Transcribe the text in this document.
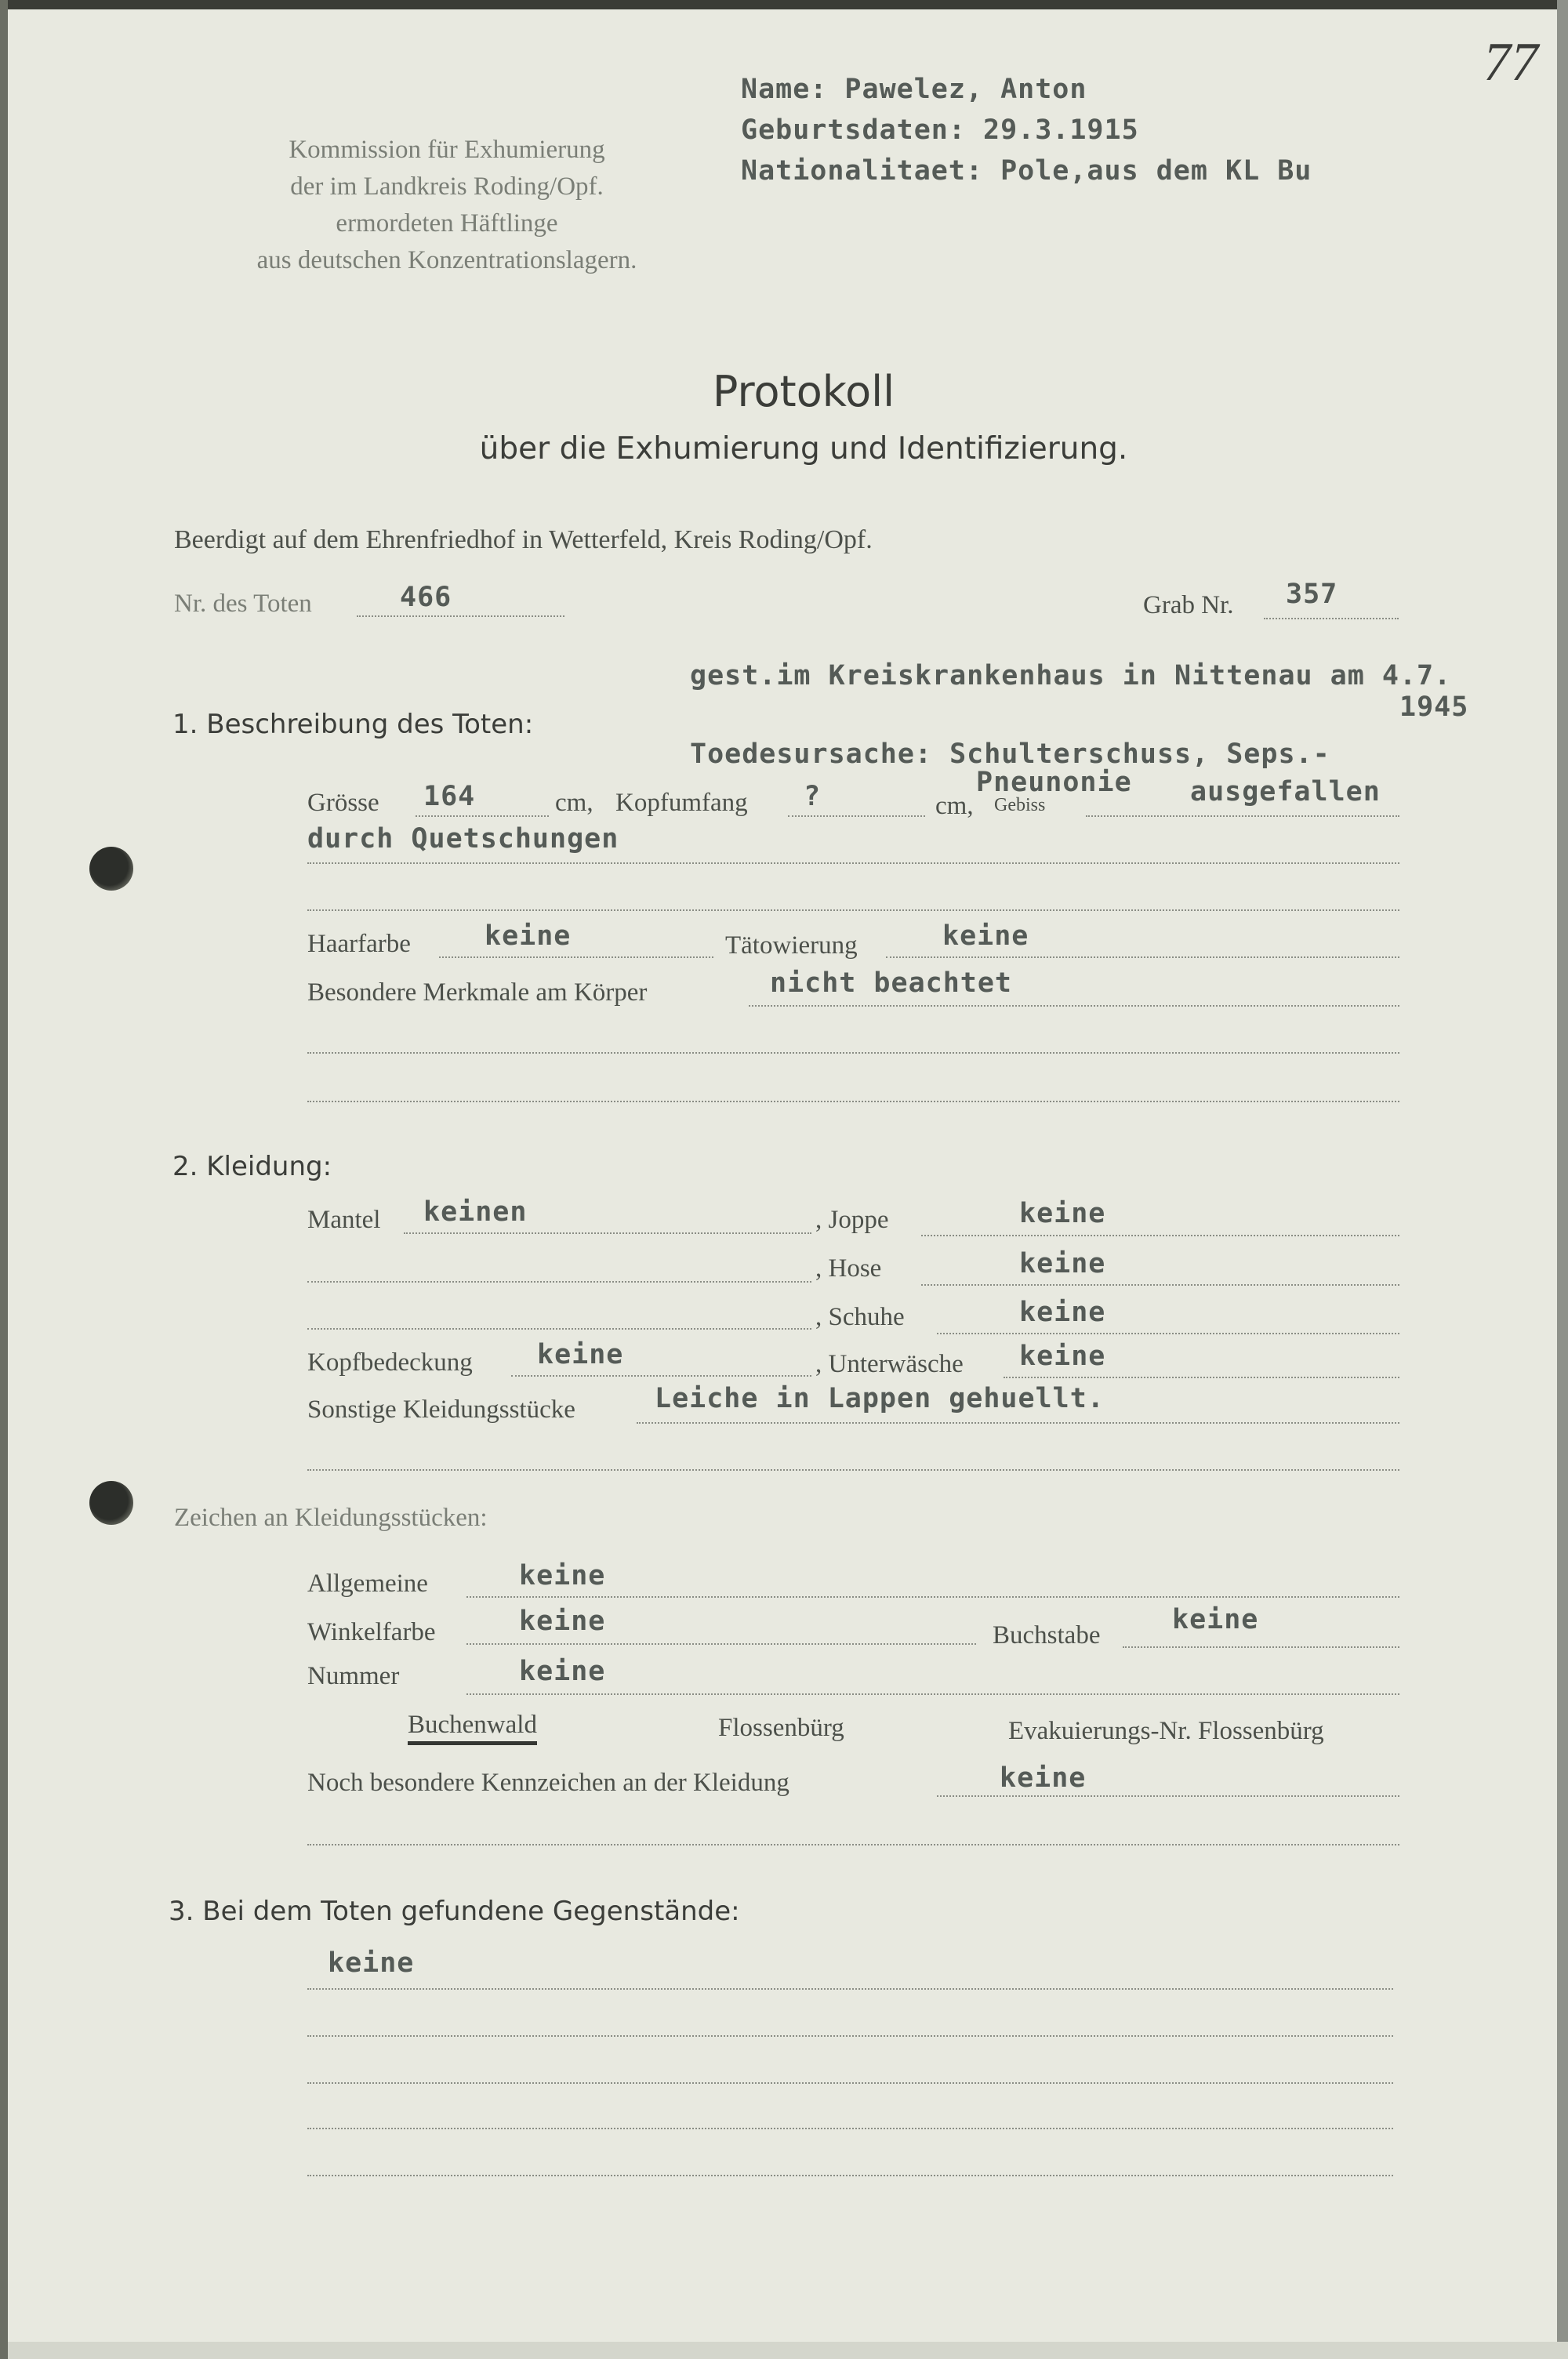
77
Kommission für Exhumierung
der im Landkreis Roding/Opf.
ermordeten Häftlinge
aus deutschen Konzentrationslagern.
Name: Pawelez, Anton
Geburtsdaten: 29.3.1915
Nationalitaet: Pole,aus dem KL Bu
Protokoll
über die Exhumierung und Identifizierung.
Beerdigt auf dem Ehrenfriedhof in Wetterfeld, Kreis Roding/Opf.
Nr. des Toten	466	Grab Nr. 357
gest.im Kreiskrankenhaus in Nittenau am 4.7.
1945
1. Beschreibung des Toten:
Toedesursache: Schulterschuss, Seps.-
Pneunonie
Grösse 164	cm, Kopfumfang ?	cm, Gebiss	ausgefallen
durch Quetschungen
Haarfarbe	keine	Tätowierung	keine
Besondere Merkmale am Körper	nicht beachtet
2. Kleidung:
Mantel keinen	, Joppe	keine
, Hose	keine
, Schuhe	keine
Kopfbedeckung keine	, Unterwäsche keine
Sonstige Kleidungsstücke	Leiche in Lappen gehuellt.
Zeichen an Kleidungsstücken:
Allgemeine	keine
Winkelfarbe	keine	Buchstabe	keine
Nummer	keine
Buchenwald	Flossenbürg	Evakuierungs-Nr. Flossenbürg
Noch besondere Kennzeichen an der Kleidung	keine
3. Bei dem Toten gefundene Gegenstände:
keine
